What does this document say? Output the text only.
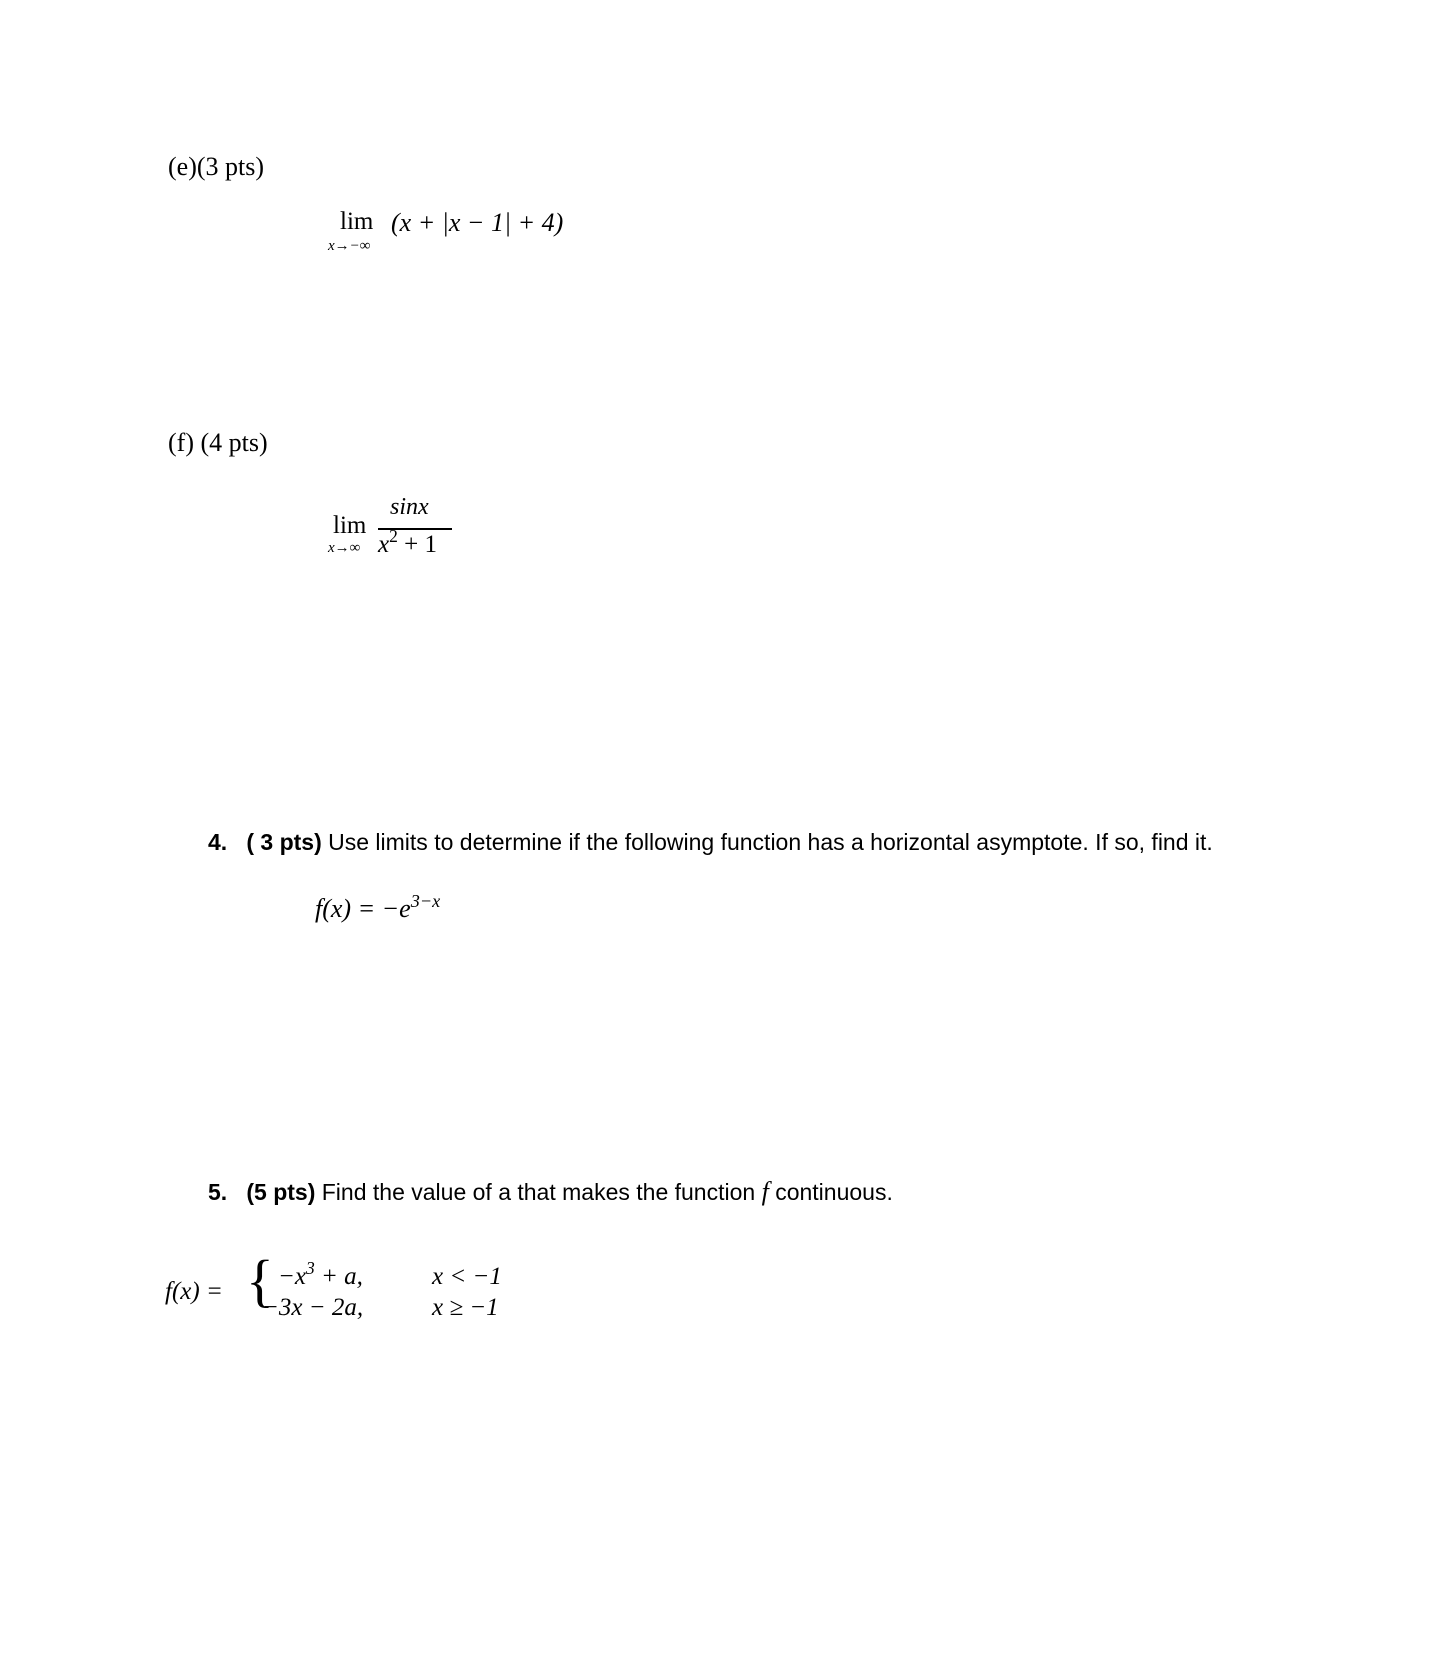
(e)(3 pts)
lim
x→−∞
(x + |x − 1| + 4)
(f) (4 pts)
lim
x→∞
sinx
$x^2 + 1$
4. ( 3 pts) Use limits to determine if the following function has a horizontal asymptote. If so, find it.
$f(x) = -e^{3-x}$
5. (5 pts) Find the value of a that makes the function f continuous.
f(x) = { $-x^3 + a$,	x < −1
−3x − 2a,	x ≥ −1
